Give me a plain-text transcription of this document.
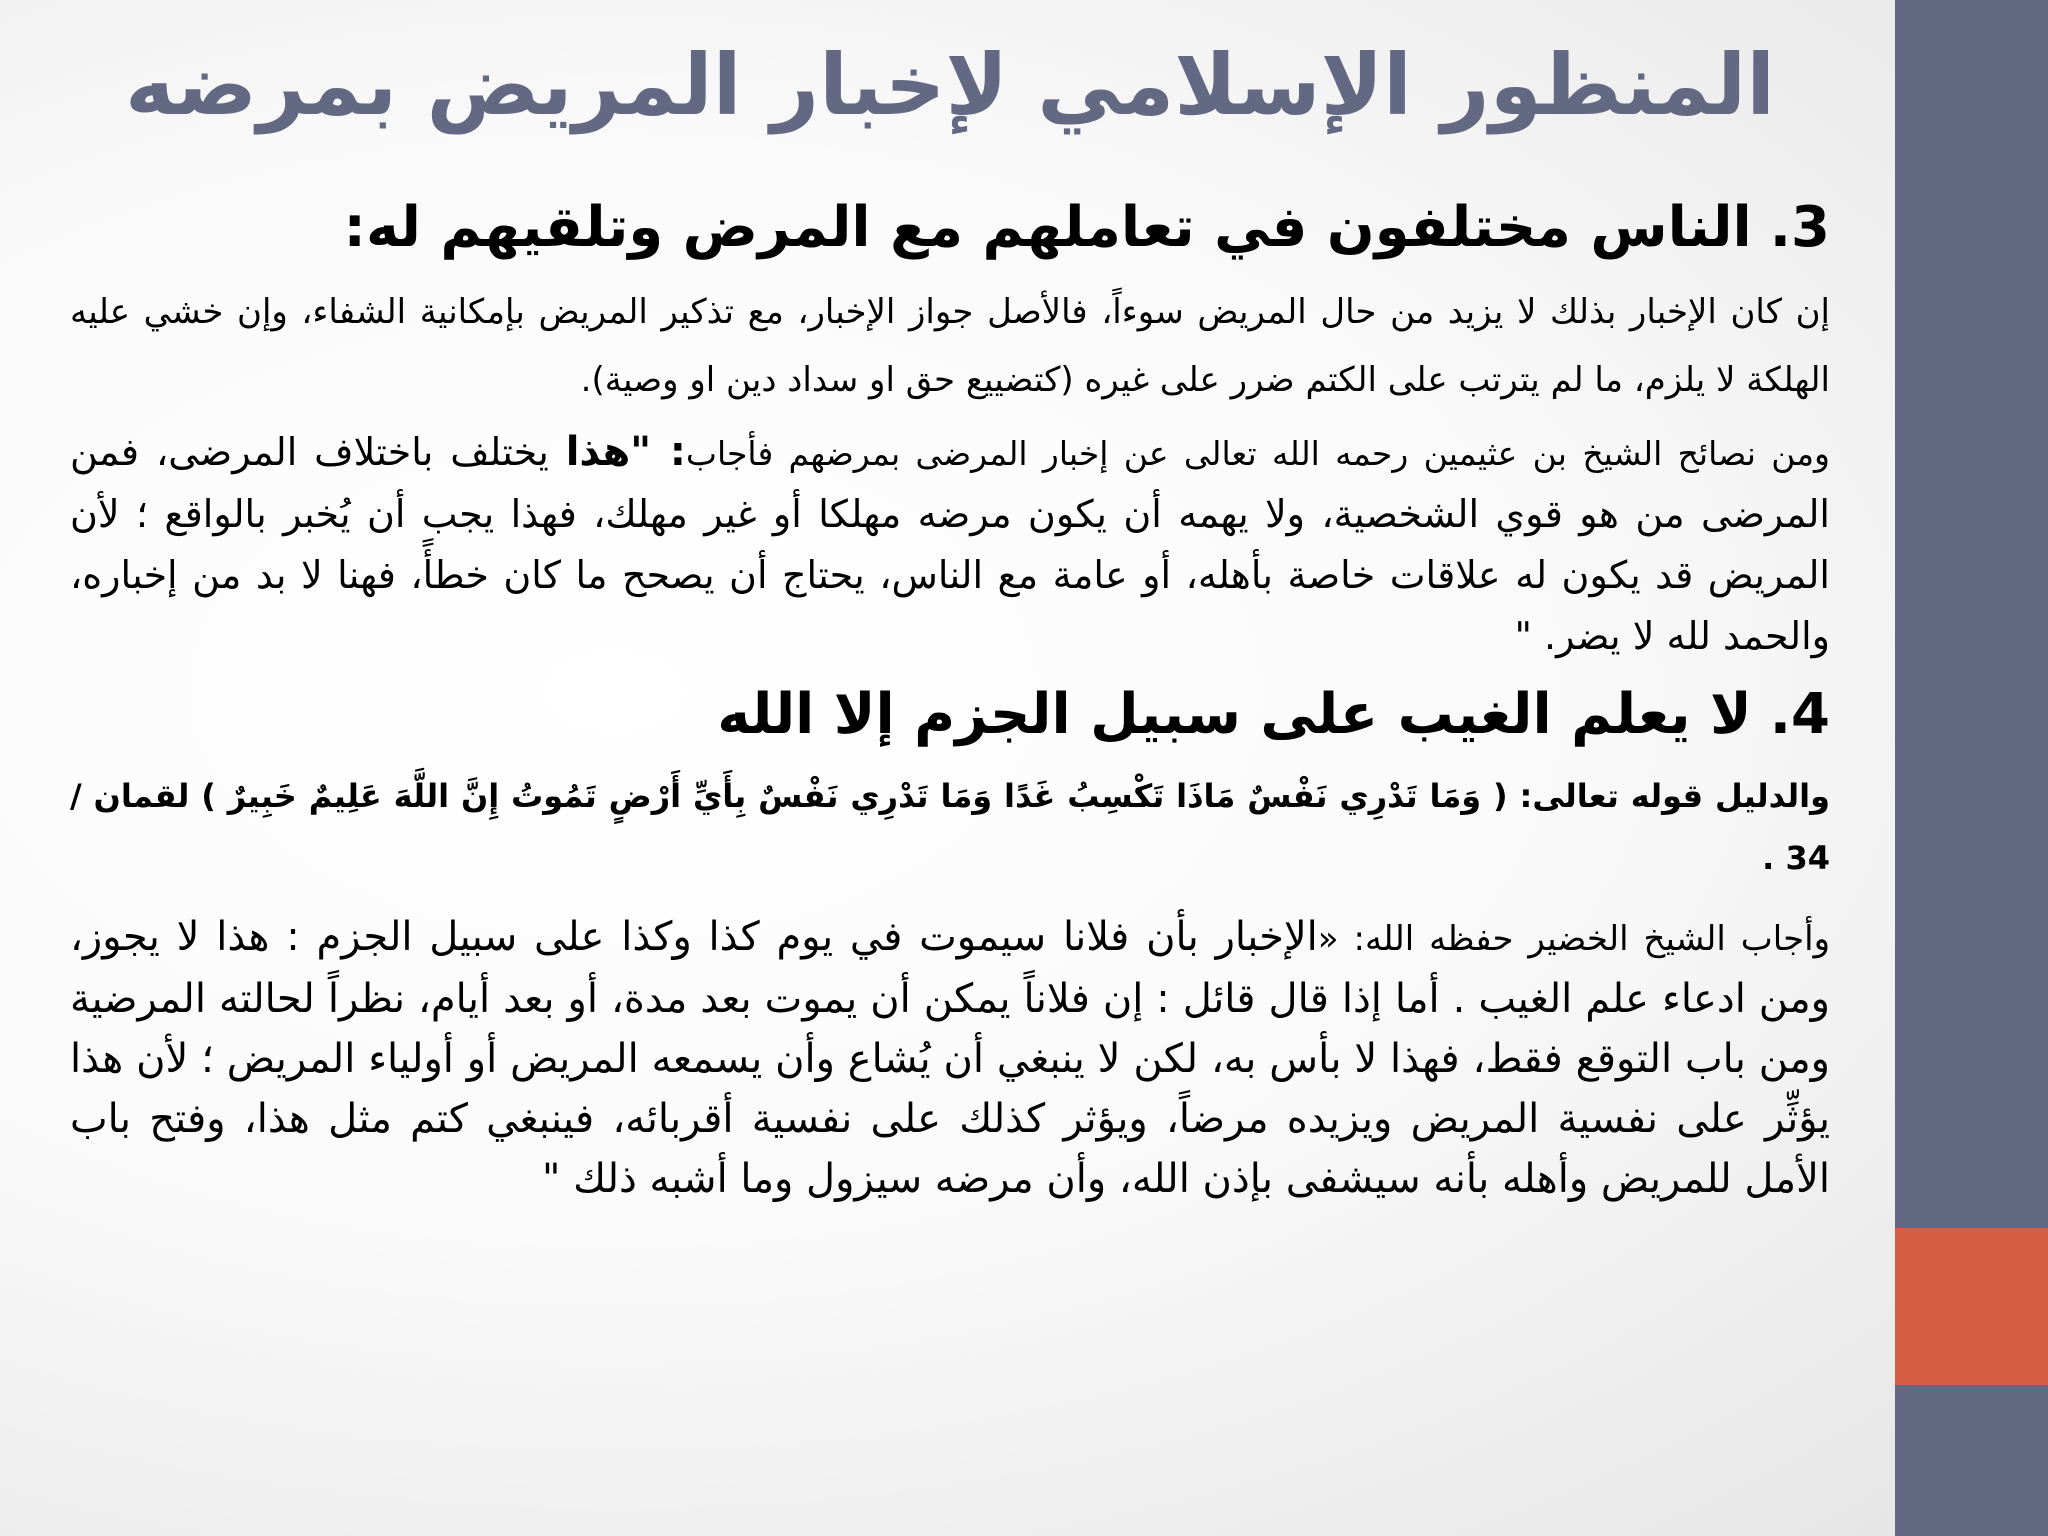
المنظور الإسلامي لإخبار المريض بمرضه

3.الناس مختلفون في تعاملهم مع المرض وتلقيهم له:

إن كان الإخبار بذلك لا يزيد من حال المريض سوءاً، فالأصل جواز الإخبار، مع تذكير المريض بإمكانية الشفاء، وإن خشي عليه الهلكة لا يلزم، ما لم يترتب على الكتم ضرر على غيره (كتضييع حق او سداد دين او وصية).

ومن نصائح الشيخ بن عثيمين رحمه الله تعالى عن إخبار المرضى بمرضهم فأجاب: "هذا يختلف باختلاف المرضى، فمن المرضى من هو قوي الشخصية، ولا يهمه أن يكون مرضه مهلكا أو غير مهلك، فهذا يجب أن يُخبر بالواقع ؛ لأن المريض قد يكون له علاقات خاصة بأهله، أو عامة مع الناس، يحتاج أن يصحح ما كان خطأً، فهنا لا بد من إخباره، والحمد لله لا يضر. "

4.لا يعلم الغيب على سبيل الجزم إلا الله

والدليل قوله تعالى: ( وَمَا تَدْرِي نَفْسٌ مَاذَا تَكْسِبُ غَدًا وَمَا تَدْرِي نَفْسٌ بِأَيِّ أَرْضٍ تَمُوتُ إِنَّ اللَّهَ عَلِيمٌ خَبِيرٌ ) لقمان / 34 .

وأجاب الشيخ الخضير حفظه الله: «الإخبار بأن فلانا سيموت في يوم كذا وكذا على سبيل الجزم : هذا لا يجوز، ومن ادعاء علم الغيب . أما إذا قال قائل : إن فلاناً يمكن أن يموت بعد مدة، أو بعد أيام، نظراً لحالته المرضية ومن باب التوقع فقط، فهذا لا بأس به، لكن لا ينبغي أن يُشاع وأن يسمعه المريض أو أولياء المريض ؛ لأن هذا يؤثِّر على نفسية المريض ويزيده مرضاً، ويؤثر كذلك على نفسية أقربائه، فينبغي كتم مثل هذا، وفتح باب الأمل للمريض وأهله بأنه سيشفى بإذن الله، وأن مرضه سيزول وما أشبه ذلك "
